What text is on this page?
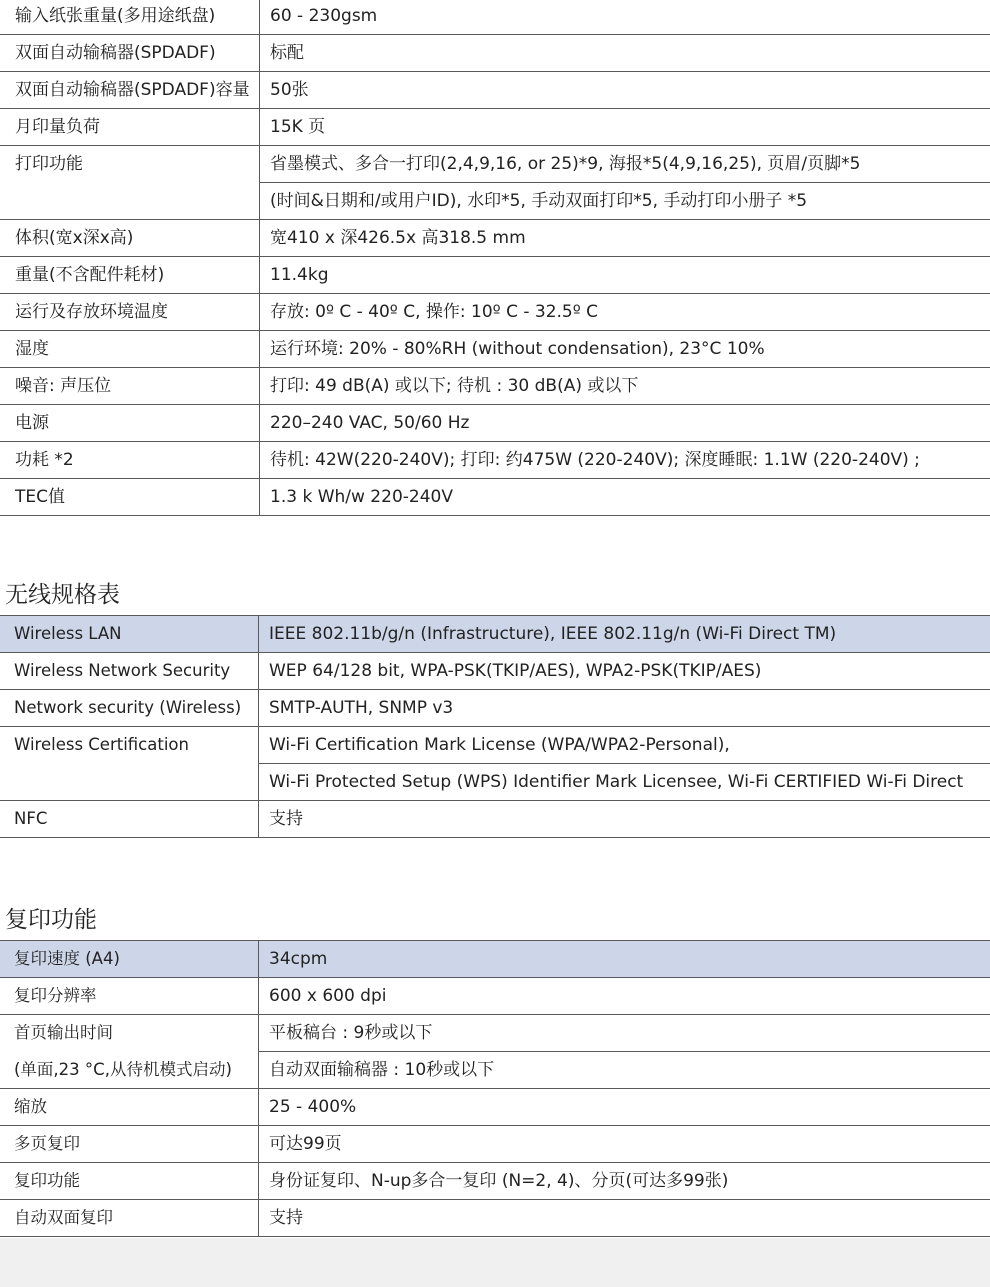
输入纸张重量(多用途纸盘)	60 - 230gsm
双面自动输稿器(SPDADF)	标配
双面自动输稿器(SPDADF)容量	50张
月印量负荷	15K 页
打印功能	省墨模式、多合一打印(2,4,9,16, or 25)*9, 海报*5(4,9,16,25), 页眉/页脚*5
	(时间&日期和/或用户ID), 水印*5, 手动双面打印*5, 手动打印小册子 *5
体积(宽x深x高)	宽410 x 深426.5x 高318.5 mm
重量(不含配件耗材)	11.4kg
运行及存放环境温度	存放: 0º C - 40º C, 操作: 10º C - 32.5º C
湿度	运行环境: 20% - 80%RH (without condensation), 23°C 10%
噪音: 声压位	打印: 49 dB(A) 或以下; 待机 : 30 dB(A) 或以下
电源	220–240 VAC, 50/60 Hz
功耗 *2	待机: 42W(220-240V); 打印: 约475W (220-240V); 深度睡眠: 1.1W (220-240V) ;
TEC值	1.3 k Wh/w 220-240V
无线规格表
Wireless LAN	IEEE 802.11b/g/n (Infrastructure), IEEE 802.11g/n (Wi-Fi Direct TM)
Wireless Network Security	WEP 64/128 bit, WPA-PSK(TKIP/AES), WPA2-PSK(TKIP/AES)
Network security (Wireless)	SMTP-AUTH, SNMP v3
Wireless Certification	Wi-Fi Certification Mark License (WPA/WPA2-Personal),
	Wi-Fi Protected Setup (WPS) Identifier Mark Licensee, Wi-Fi CERTIFIED Wi-Fi Direct
NFC	支持
复印功能
复印速度 (A4)	34cpm
复印分辨率	600 x 600 dpi
首页输出时间	平板稿台 : 9秒或以下
(单面,23 °C,从待机模式启动)	自动双面输稿器 : 10秒或以下
缩放	25 - 400%
多页复印	可达99页
复印功能	身份证复印、N-up多合一复印 (N=2, 4)、分页(可达多99张)
自动双面复印	支持
